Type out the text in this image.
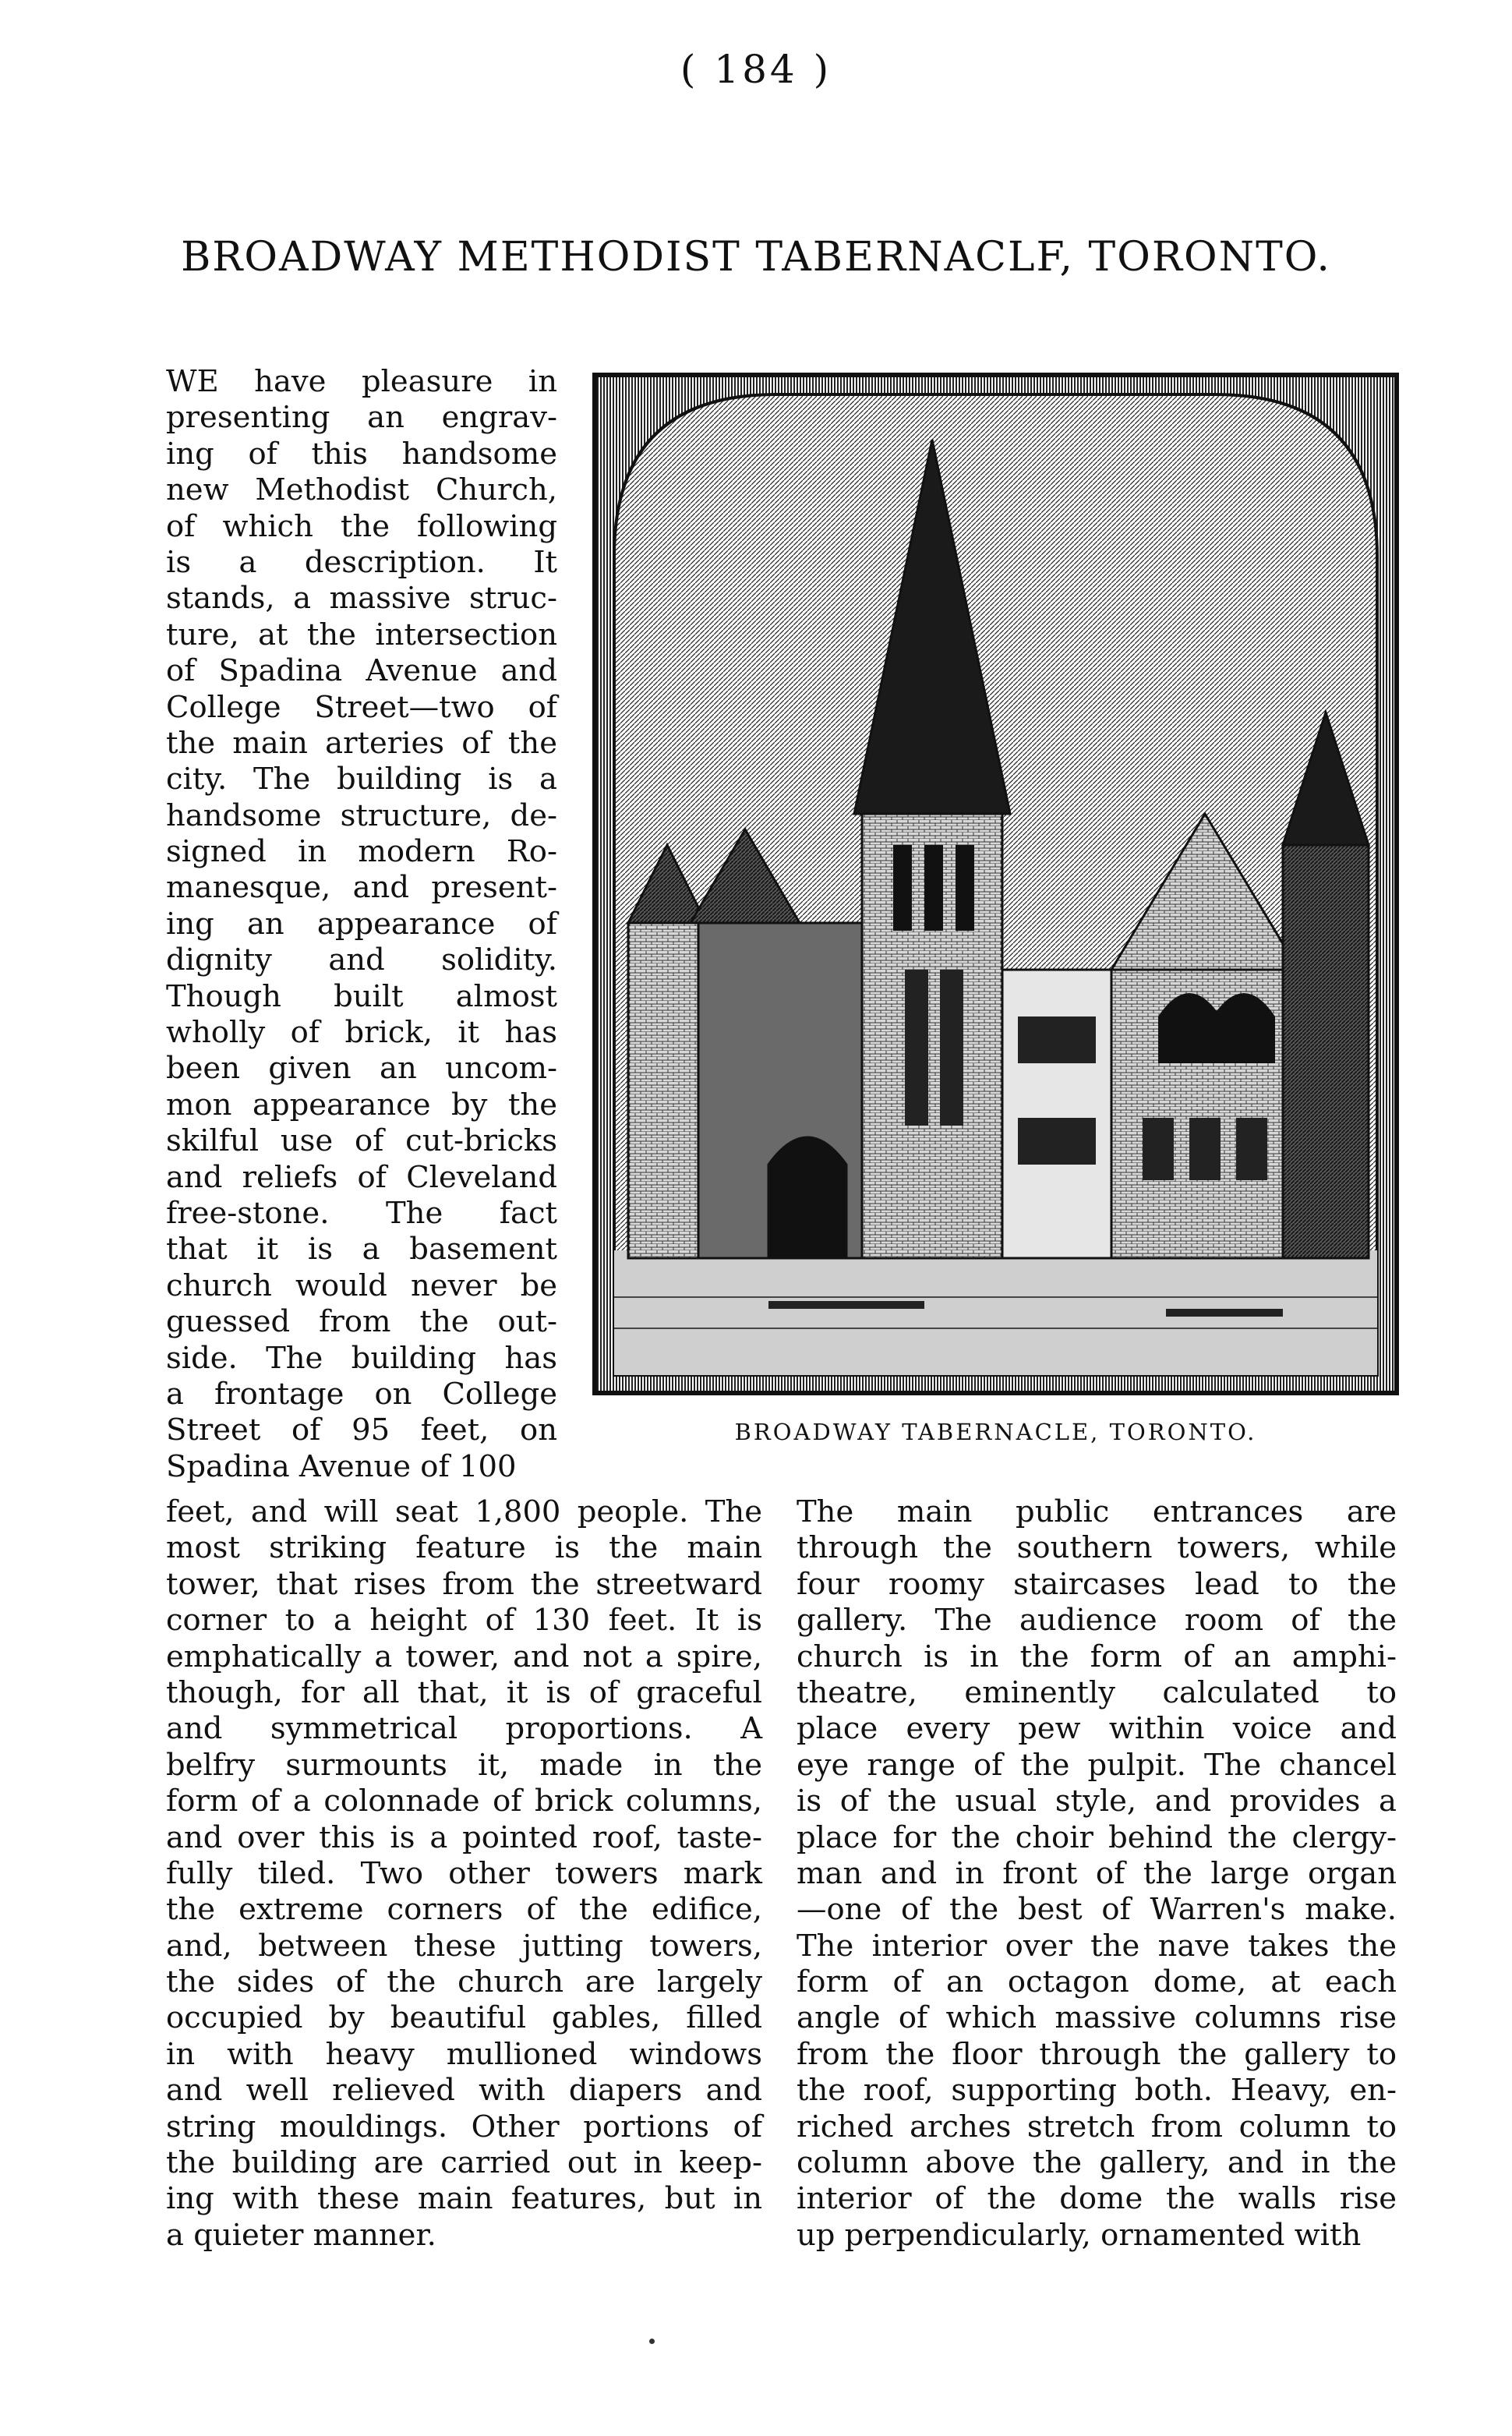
( 184 )
BROADWAY METHODIST TABERNACLF, TORONTO.
WE have pleasure in
presenting an engrav-
ing of this handsome
new Methodist Church,
of which the following
is a description. It
stands, a massive struc-
ture, at the intersection
of Spadina Avenue and
College Street—two of
the main arteries of the
city. The building is a
handsome structure, de-
signed in modern Ro-
manesque, and present-
ing an appearance of
dignity and solidity.
Though built almost
wholly of brick, it has
been given an uncom-
mon appearance by the
skilful use of cut-bricks
and reliefs of Cleveland
free-stone. The fact
that it is a basement
church would never be
guessed from the out-
side. The building has
a frontage on College
Street of 95 feet, on
Spadina Avenue of 100
BROADWAY TABERNACLE, TORONTO.
feet, and will seat 1,800 people. The
most striking feature is the main
tower, that rises from the streetward
corner to a height of 130 feet. It is
emphatically a tower, and not a spire,
though, for all that, it is of graceful
and symmetrical proportions. A
belfry surmounts it, made in the
form of a colonnade of brick columns,
and over this is a pointed roof, taste-
fully tiled. Two other towers mark
the extreme corners of the edifice,
and, between these jutting towers,
the sides of the church are largely
occupied by beautiful gables, filled
in with heavy mullioned windows
and well relieved with diapers and
string mouldings. Other portions of
the building are carried out in keep-
ing with these main features, but in
a quieter manner.
The main public entrances are
through the southern towers, while
four roomy staircases lead to the
gallery. The audience room of the
church is in the form of an amphi-
theatre, eminently calculated to
place every pew within voice and
eye range of the pulpit. The chancel
is of the usual style, and provides a
place for the choir behind the clergy-
man and in front of the large organ
—one of the best of Warren's make.
The interior over the nave takes the
form of an octagon dome, at each
angle of which massive columns rise
from the floor through the gallery to
the roof, supporting both. Heavy, en-
riched arches stretch from column to
column above the gallery, and in the
interior of the dome the walls rise
up perpendicularly, ornamented with
